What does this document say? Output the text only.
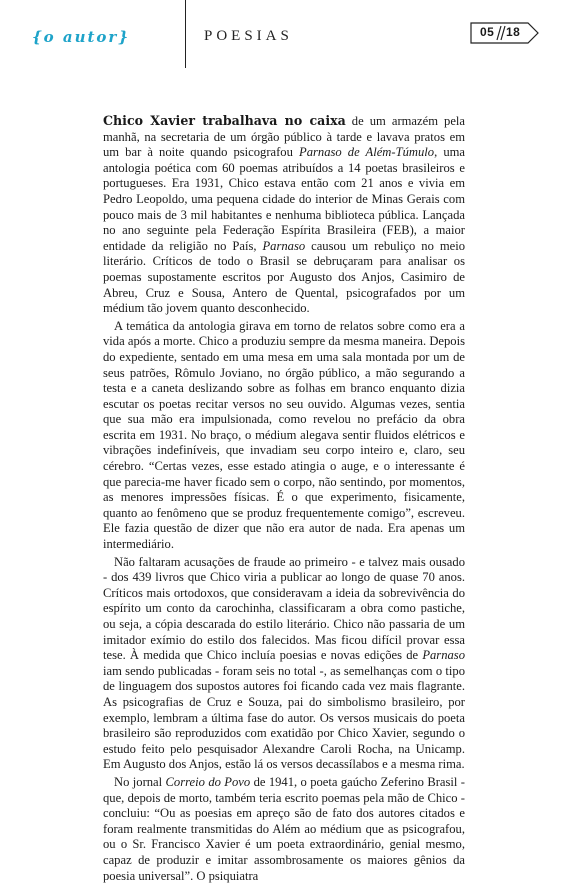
{o autor}	POESIAS	05 18

Chico Xavier trabalhava no caixa de um armazém pela manhã, na secretaria de um órgão público à tarde e lavava pratos em um bar à noite quando psicografou Parnaso de Além-Túmulo, uma antologia poética com 60 poemas atribuídos a 14 poetas brasileiros e portugueses. Era 1931, Chico estava então com 21 anos e vivia em Pedro Leopoldo, uma pequena cidade do interior de Minas Gerais com pouco mais de 3 mil habitantes e nenhuma biblioteca pública. Lançada no ano seguinte pela Federação Espírita Brasileira (FEB), a maior entidade da religião no País, Parnaso causou um rebuliço no meio literário. Críticos de todo o Brasil se debruçaram para analisar os poemas supostamente escritos por Augusto dos Anjos, Casimiro de Abreu, Cruz e Sousa, Antero de Quental, psicografados por um médium tão jovem quanto desconhecido.

A temática da antologia girava em torno de relatos sobre como era a vida após a morte. Chico a produziu sempre da mesma maneira. Depois do expediente, sentado em uma mesa em uma sala montada por um de seus patrões, Rômulo Joviano, no órgão público, a mão segurando a testa e a caneta deslizando sobre as folhas em branco enquanto dizia escutar os poetas recitar versos no seu ouvido. Algumas vezes, sentia que sua mão era impulsionada, como revelou no prefácio da obra escrita em 1931. No braço, o médium alegava sentir fluidos elétricos e vibrações indefiníveis, que invadiam seu corpo inteiro e, claro, seu cérebro. “Certas vezes, esse estado atingia o auge, e o interessante é que parecia-me haver ficado sem o corpo, não sentindo, por momentos, as menores impressões físicas. É o que experimento, fisicamente, quanto ao fenômeno que se produz frequentemente comigo”, escreveu. Ele fazia questão de dizer que não era autor de nada. Era apenas um intermediário.

Não faltaram acusações de fraude ao primeiro - e talvez mais ousado - dos 439 livros que Chico viria a publicar ao longo de quase 70 anos. Críticos mais ortodoxos, que consideravam a ideia da sobrevivência do espírito um conto da carochinha, classificaram a obra como pastiche, ou seja, a cópia descarada do estilo literário. Chico não passaria de um imitador exímio do estilo dos falecidos. Mas ficou difícil provar essa tese. À medida que Chico incluía poesias e novas edições de Parnaso iam sendo publicadas - foram seis no total -, as semelhanças com o tipo de linguagem dos supostos autores foi ficando cada vez mais flagrante. As psicografias de Cruz e Souza, pai do simbolismo brasileiro, por exemplo, lembram a última fase do autor. Os versos musicais do poeta brasileiro são reproduzidos com exatidão por Chico Xavier, segundo o estudo feito pelo pesquisador Alexandre Caroli Rocha, na Unicamp. Em Augusto dos Anjos, estão lá os versos decassílabos e a mesma rima.

No jornal Correio do Povo de 1941, o poeta gaúcho Zeferino Brasil - que, depois de morto, também teria escrito poemas pela mão de Chico - concluiu: “Ou as poesias em apreço são de fato dos autores citados e foram realmente transmitidas do Além ao médium que as psicografou, ou o Sr. Francisco Xavier é um poeta extraordinário, genial mesmo, capaz de produzir e imitar assombrosamente os maiores gênios da poesia universal”. O psiquiatra
